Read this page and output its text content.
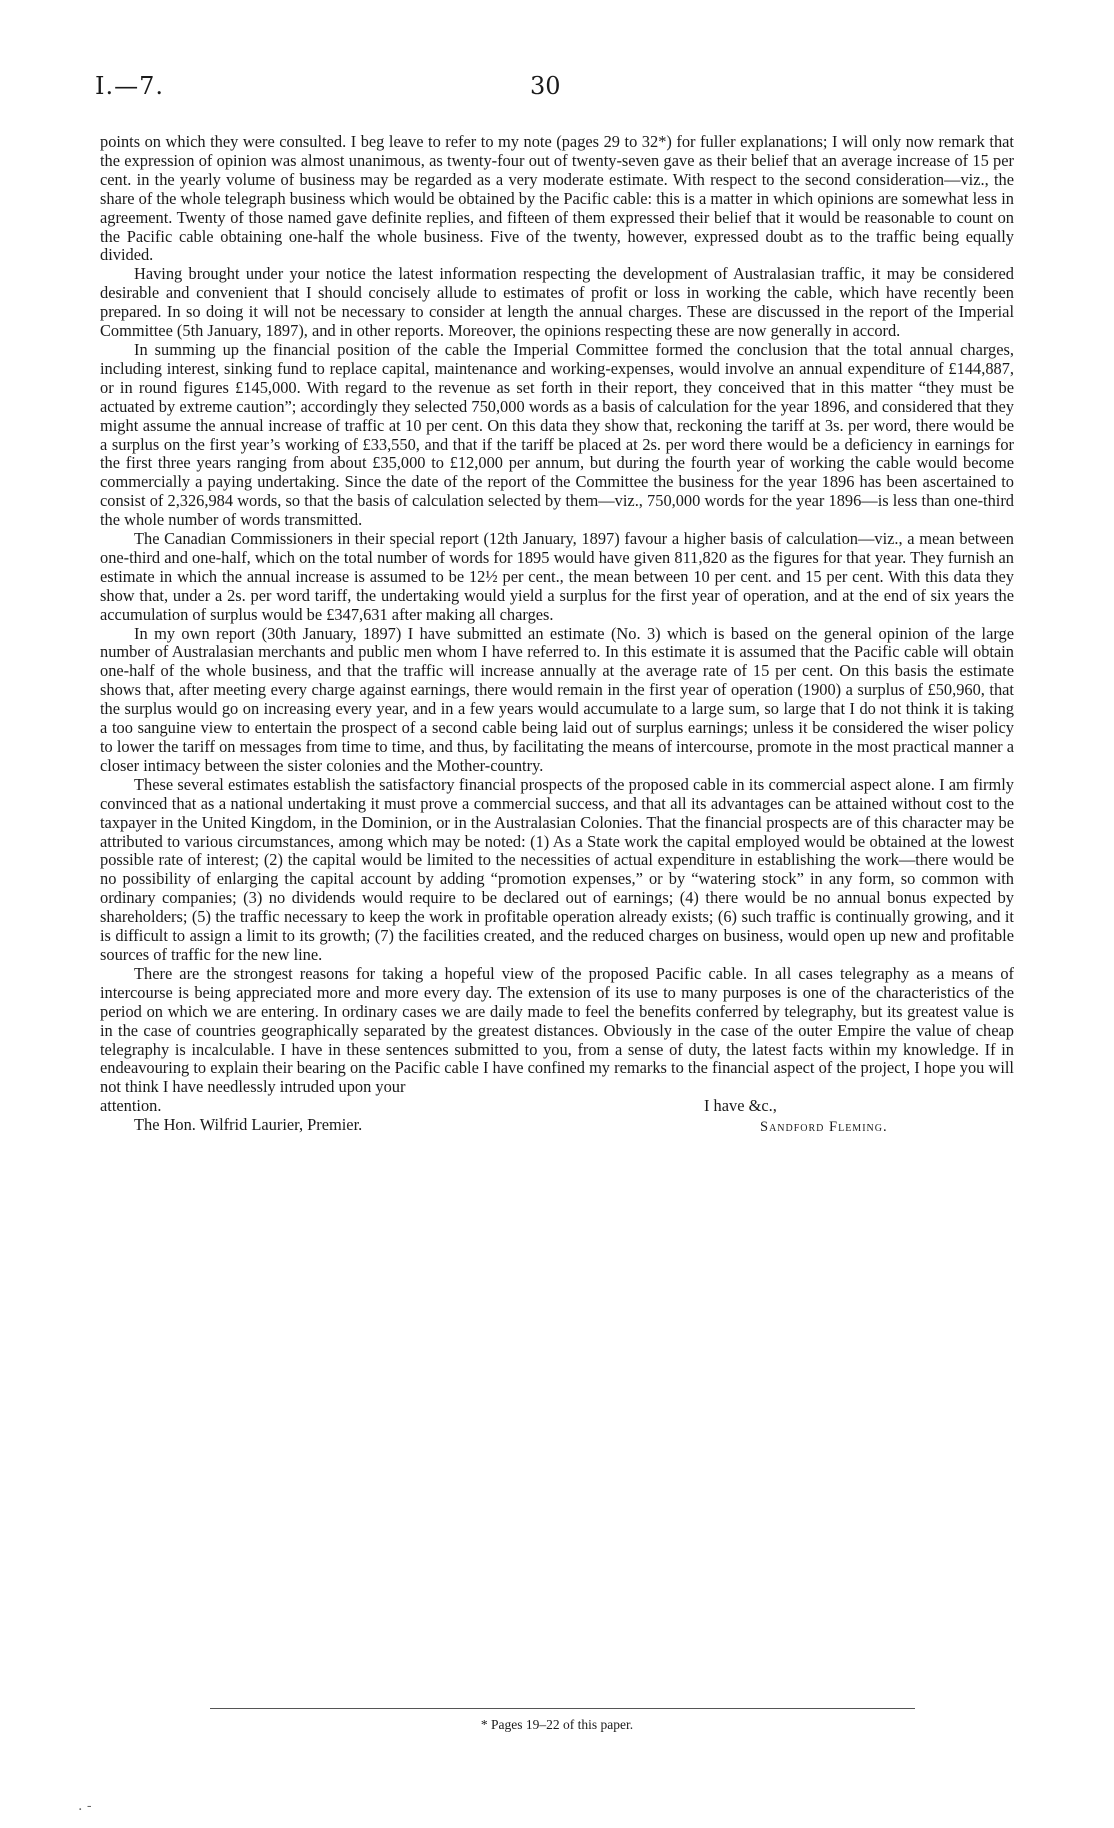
I.—7.	30

points on which they were consulted. I beg leave to refer to my note (pages 29 to 32*) for fuller explanations; I will only now remark that the expression of opinion was almost unanimous, as twenty-four out of twenty-seven gave as their belief that an average increase of 15 per cent. in the yearly volume of business may be regarded as a very moderate estimate. With respect to the second consideration—viz., the share of the whole telegraph business which would be obtained by the Pacific cable: this is a matter in which opinions are somewhat less in agreement. Twenty of those named gave definite replies, and fifteen of them expressed their belief that it would be reasonable to count on the Pacific cable obtaining one-half the whole business. Five of the twenty, however, expressed doubt as to the traffic being equally divided.

Having brought under your notice the latest information respecting the development of Australasian traffic, it may be considered desirable and convenient that I should concisely allude to estimates of profit or loss in working the cable, which have recently been prepared. In so doing it will not be necessary to consider at length the annual charges. These are discussed in the report of the Imperial Committee (5th January, 1897), and in other reports. Moreover, the opinions respecting these are now generally in accord.

In summing up the financial position of the cable the Imperial Committee formed the conclusion that the total annual charges, including interest, sinking fund to replace capital, maintenance and working-expenses, would involve an annual expenditure of £144,887, or in round figures £145,000. With regard to the revenue as set forth in their report, they conceived that in this matter “they must be actuated by extreme caution”; accordingly they selected 750,000 words as a basis of calculation for the year 1896, and considered that they might assume the annual increase of traffic at 10 per cent. On this data they show that, reckoning the tariff at 3s. per word, there would be a surplus on the first year’s working of £33,550, and that if the tariff be placed at 2s. per word there would be a deficiency in earnings for the first three years ranging from about £35,000 to £12,000 per annum, but during the fourth year of working the cable would become commercially a paying undertaking. Since the date of the report of the Committee the business for the year 1896 has been ascertained to consist of 2,326,984 words, so that the basis of calculation selected by them—viz., 750,000 words for the year 1896—is less than one-third the whole number of words transmitted.

The Canadian Commissioners in their special report (12th January, 1897) favour a higher basis of calculation—viz., a mean between one-third and one-half, which on the total number of words for 1895 would have given 811,820 as the figures for that year. They furnish an estimate in which the annual increase is assumed to be 12½ per cent., the mean between 10 per cent. and 15 per cent. With this data they show that, under a 2s. per word tariff, the undertaking would yield a surplus for the first year of operation, and at the end of six years the accumulation of surplus would be £347,631 after making all charges.

In my own report (30th January, 1897) I have submitted an estimate (No. 3) which is based on the general opinion of the large number of Australasian merchants and public men whom I have referred to. In this estimate it is assumed that the Pacific cable will obtain one-half of the whole business, and that the traffic will increase annually at the average rate of 15 per cent. On this basis the estimate shows that, after meeting every charge against earnings, there would remain in the first year of operation (1900) a surplus of £50,960, that the surplus would go on increasing every year, and in a few years would accumulate to a large sum, so large that I do not think it is taking a too sanguine view to entertain the prospect of a second cable being laid out of surplus earnings; unless it be considered the wiser policy to lower the tariff on messages from time to time, and thus, by facilitating the means of intercourse, promote in the most practical manner a closer intimacy between the sister colonies and the Mother-country.

These several estimates establish the satisfactory financial prospects of the proposed cable in its commercial aspect alone. I am firmly convinced that as a national undertaking it must prove a commercial success, and that all its advantages can be attained without cost to the taxpayer in the United Kingdom, in the Dominion, or in the Australasian Colonies. That the financial prospects are of this character may be attributed to various circumstances, among which may be noted: (1) As a State work the capital employed would be obtained at the lowest possible rate of interest; (2) the capital would be limited to the necessities of actual expenditure in establishing the work—there would be no possibility of enlarging the capital account by adding “promotion expenses,” or by “watering stock” in any form, so common with ordinary companies; (3) no dividends would require to be declared out of earnings; (4) there would be no annual bonus expected by shareholders; (5) the traffic necessary to keep the work in profitable operation already exists; (6) such traffic is continually growing, and it is difficult to assign a limit to its growth; (7) the facilities created, and the reduced charges on business, would open up new and profitable sources of traffic for the new line.

There are the strongest reasons for taking a hopeful view of the proposed Pacific cable. In all cases telegraphy as a means of intercourse is being appreciated more and more every day. The extension of its use to many purposes is one of the characteristics of the period on which we are entering. In ordinary cases we are daily made to feel the benefits conferred by telegraphy, but its greatest value is in the case of countries geographically separated by the greatest distances. Obviously in the case of the outer Empire the value of cheap telegraphy is incalculable. I have in these sentences submitted to you, from a sense of duty, the latest facts within my knowledge. If in endeavouring to explain their bearing on the Pacific cable I have confined my remarks to the financial aspect of the project, I hope you will not think I have needlessly intruded upon your

attention.	I have &c.,
The Hon. Wilfrid Laurier, Premier.	Sandford Fleming.
* Pages 19–22 of this paper.
. -
